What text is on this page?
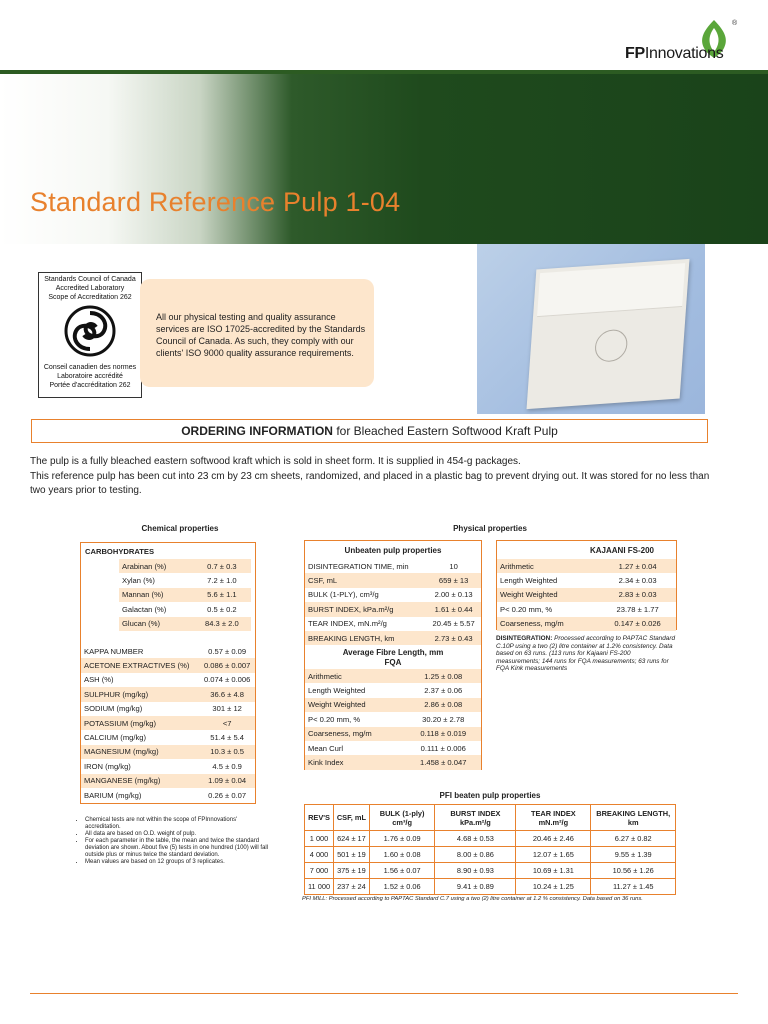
®
FPInnovations
Standard Reference Pulp 1-04
Standards Council of Canada
Accredited Laboratory
Scope of Accreditation 262
Conseil canadien des normes
Laboratoire accrédité
Portée d'accréditation 262
All our physical testing and quality assurance services are ISO 17025-accredited by the Standards Council of Canada. As such, they comply with our clients' ISO 9000 quality assurance requirements.
ORDERING INFORMATION for Bleached Eastern Softwood Kraft Pulp
The pulp is a fully bleached eastern softwood kraft which is sold in sheet form. It is supplied in 454-g packages.
This reference pulp has been cut into 23 cm by 23 cm sheets, randomized, and placed in a plastic bag to prevent drying out. It was stored for no less than two years prior to testing.
Chemical properties
CARBOHYDRATES
Arabinan (%)	0.7 ± 0.3
Xylan (%)	7.2 ± 1.0
Mannan (%)	5.6 ± 1.1
Galactan (%)	0.5 ± 0.2
Glucan (%)	84.3 ± 2.0
KAPPA NUMBER	0.57 ± 0.09
ACETONE EXTRACTIVES (%)	0.086 ± 0.007
ASH (%)	0.074 ± 0.006
SULPHUR (mg/kg)	36.6 ± 4.8
SODIUM (mg/kg)	301 ± 12
POTASSIUM (mg/kg)	<7
CALCIUM (mg/kg)	51.4 ± 5.4
MAGNESIUM (mg/kg)	10.3 ± 0.5
IRON (mg/kg)	4.5 ± 0.9
MANGANESE (mg/kg)	1.09 ± 0.04
BARIUM (mg/kg)	0.26 ± 0.07
Physical properties
Unbeaten pulp properties
DISINTEGRATION TIME, min	10
CSF, mL	659 ± 13
BULK (1-PLY), cm³/g	2.00 ± 0.13
BURST INDEX, kPa.m²/g	1.61 ± 0.44
TEAR INDEX, mN.m²/g	20.45 ± 5.57
BREAKING LENGTH, km	2.73 ± 0.43
Average Fibre Length, mm
FQA
Arithmetic	1.25 ± 0.08
Length Weighted	2.37 ± 0.06
Weight Weighted	2.86 ± 0.08
P< 0.20 mm, %	30.20 ± 2.78
Coarseness, mg/m	0.118 ± 0.019
Mean Curl	0.111 ± 0.006
Kink Index	1.458 ± 0.047
KAJAANI FS-200
Arithmetic	1.27 ± 0.04
Length Weighted	2.34 ± 0.03
Weight Weighted	2.83 ± 0.03
P< 0.20 mm, %	23.78 ± 1.77
Coarseness, mg/m	0.147 ± 0.026
DISINTEGRATION: Processed according to PAPTAC Standard C.10P using a two (2) litre container at 1.2% consistency. Data based on 63 runs. (113 runs for Kajaani FS-200 measurements; 144 runs for FQA measurements; 63 runs for FQA Kink measurements
• Chemical tests are not within the scope of FPInnovations' accreditation.
• All data are based on O.D. weight of pulp.
• For each parameter in the table, the mean and twice the standard deviation are shown. About five (5) tests in one hundred (100) will fall outside plus or minus twice the standard deviation.
• Mean values are based on 12 groups of 3 replicates.
PFI beaten pulp properties
REV'S	CSF, mL	BULK (1-ply) cm³/g	BURST INDEX kPa.m²/g	TEAR INDEX mN.m²/g	BREAKING LENGTH, km
1 000	624 ± 17	1.76 ± 0.09	4.68 ± 0.53	20.46 ± 2.46	6.27 ± 0.82
4 000	501 ± 19	1.60 ± 0.08	8.00 ± 0.86	12.07 ± 1.65	9.55 ± 1.39
7 000	375 ± 19	1.56 ± 0.07	8.90 ± 0.93	10.69 ± 1.31	10.56 ± 1.26
11 000	237 ± 24	1.52 ± 0.06	9.41 ± 0.89	10.24 ± 1.25	11.27 ± 1.45
PFI MILL: Processed according to PAPTAC Standard C.7 using a two (2) litre container at 1.2 % consistency. Data based on 36 runs.
